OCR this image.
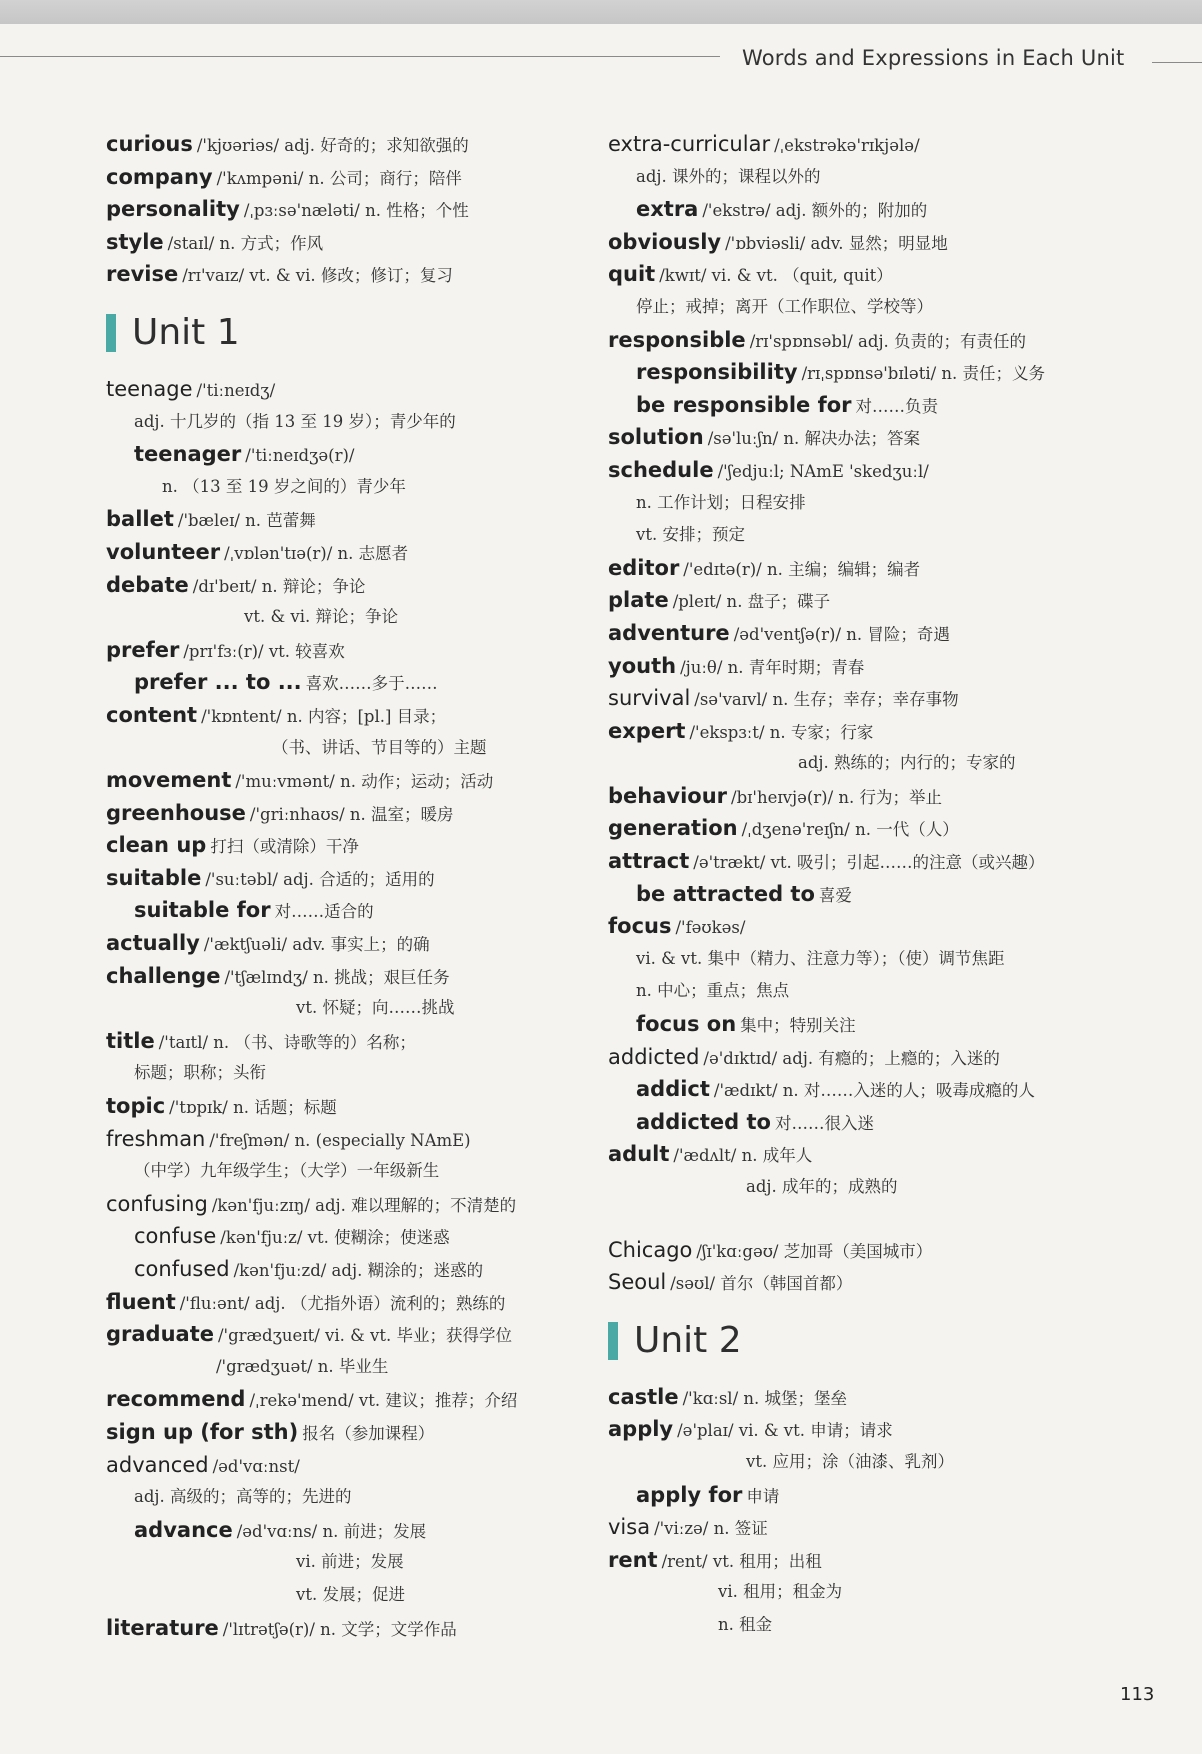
Words and Expressions in Each Unit
curious /'kjʊəriəs/ adj. 好奇的；求知欲强的
company /'kʌmpəni/ n. 公司；商行；陪伴
personality /ˌpɜːsə'næləti/ n. 性格；个性
style /staɪl/ n. 方式；作风
revise /rɪ'vaɪz/ vt. & vi. 修改；修订；复习
Unit 1
teenage /'tiːneɪdʒ/
adj. 十几岁的（指 13 至 19 岁）；青少年的
teenager /'tiːneɪdʒə(r)/
n. （13 至 19 岁之间的）青少年
ballet /'bæleɪ/ n. 芭蕾舞
volunteer /ˌvɒlən'tɪə(r)/ n. 志愿者
debate /dɪ'beɪt/ n. 辩论；争论
vt. & vi. 辩论；争论
prefer /prɪ'fɜː(r)/ vt. 较喜欢
prefer ... to ... 喜欢……多于……
content /'kɒntent/ n. 内容；[pl.] 目录；
（书、讲话、节目等的）主题
movement /'muːvmənt/ n. 动作；运动；活动
greenhouse /'griːnhaʊs/ n. 温室；暖房
clean up 打扫（或清除）干净
suitable /'suːtəbl/ adj. 合适的；适用的
suitable for 对……适合的
actually /'æktʃuəli/ adv. 事实上；的确
challenge /'tʃælɪndʒ/ n. 挑战；艰巨任务
vt. 怀疑；向……挑战
title /'taɪtl/ n. （书、诗歌等的）名称；
标题；职称；头衔
topic /'tɒpɪk/ n. 话题；标题
freshman /'freʃmən/ n. (especially NAmE)
（中学）九年级学生；（大学）一年级新生
confusing /kən'fjuːzɪŋ/ adj. 难以理解的；不清楚的
confuse /kən'fjuːz/ vt. 使糊涂；使迷惑
confused /kən'fjuːzd/ adj. 糊涂的；迷惑的
fluent /'fluːənt/ adj. （尤指外语）流利的；熟练的
graduate /'grædʒueɪt/ vi. & vt. 毕业；获得学位
/'grædʒuət/ n. 毕业生
recommend /ˌrekə'mend/ vt. 建议；推荐；介绍
sign up (for sth) 报名（参加课程）
advanced /əd'vɑːnst/
adj. 高级的；高等的；先进的
advance /əd'vɑːns/ n. 前进；发展
vi. 前进；发展
vt. 发展；促进
literature /'lɪtrətʃə(r)/ n. 文学；文学作品
extra-curricular /ˌekstrəkə'rɪkjələ/
adj. 课外的；课程以外的
extra /'ekstrə/ adj. 额外的；附加的
obviously /'ɒbviəsli/ adv. 显然；明显地
quit /kwɪt/ vi. & vt. （quit, quit）
停止；戒掉；离开（工作职位、学校等）
responsible /rɪ'spɒnsəbl/ adj. 负责的；有责任的
responsibility /rɪˌspɒnsə'bɪləti/ n. 责任；义务
be responsible for 对……负责
solution /sə'luːʃn/ n. 解决办法；答案
schedule /'ʃedjuːl; NAmE 'skedʒuːl/
n. 工作计划；日程安排
vt. 安排；预定
editor /'edɪtə(r)/ n. 主编；编辑；编者
plate /pleɪt/ n. 盘子；碟子
adventure /əd'ventʃə(r)/ n. 冒险；奇遇
youth /juːθ/ n. 青年时期；青春
survival /sə'vaɪvl/ n. 生存；幸存；幸存事物
expert /'ekspɜːt/ n. 专家；行家
adj. 熟练的；内行的；专家的
behaviour /bɪ'heɪvjə(r)/ n. 行为；举止
generation /ˌdʒenə'reɪʃn/ n. 一代（人）
attract /ə'trækt/ vt. 吸引；引起……的注意（或兴趣）
be attracted to 喜爱
focus /'fəʊkəs/
vi. & vt. 集中（精力、注意力等）；（使）调节焦距
n. 中心；重点；焦点
focus on 集中；特别关注
addicted /ə'dɪktɪd/ adj. 有瘾的；上瘾的；入迷的
addict /'ædɪkt/ n. 对……入迷的人；吸毒成瘾的人
addicted to 对……很入迷
adult /'ædʌlt/ n. 成年人
adj. 成年的；成熟的
Chicago /ʃɪ'kɑːgəʊ/ 芝加哥（美国城市）
Seoul /səʊl/ 首尔（韩国首都）
Unit 2
castle /'kɑːsl/ n. 城堡；堡垒
apply /ə'plaɪ/ vi. & vt. 申请；请求
vt. 应用；涂（油漆、乳剂）
apply for 申请
visa /'viːzə/ n. 签证
rent /rent/ vt. 租用；出租
vi. 租用；租金为
n. 租金
113
